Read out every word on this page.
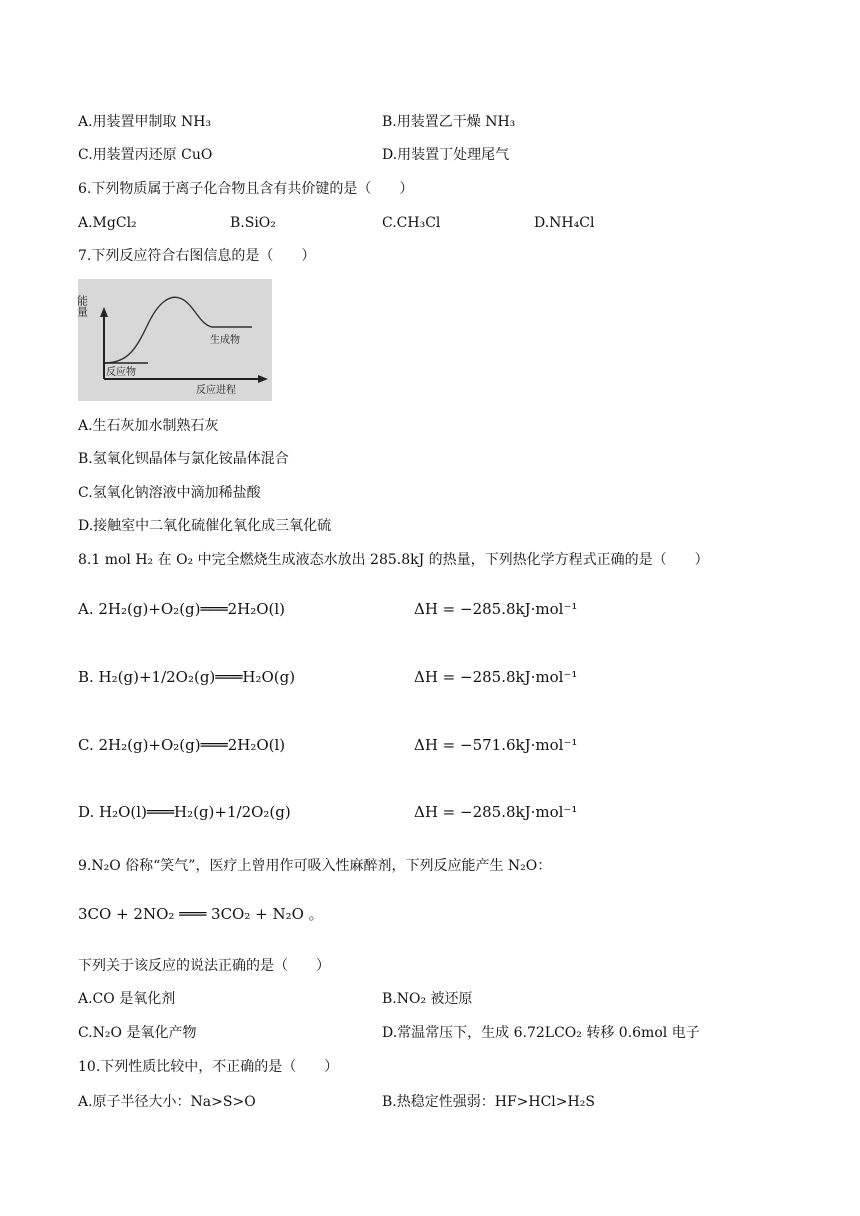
A.用装置甲制取 NH₃	B.用装置乙干燥 NH₃
C.用装置丙还原 CuO	D.用装置丁处理尾气
6.下列物质属于离子化合物且含有共价键的是（　　）
A.MgCl₂	B.SiO₂	C.CH₃Cl	D.NH₄Cl
7.下列反应符合右图信息的是（　　）
能量
生成物
反应物
反应进程
A.生石灰加水制熟石灰
B.氢氧化钡晶体与氯化铵晶体混合
C.氢氧化钠溶液中滴加稀盐酸
D.接触室中二氧化硫催化氧化成三氧化硫
8.1 mol H₂ 在 O₂ 中完全燃烧生成液态水放出 285.8kJ 的热量，下列热化学方程式正确的是（　　）
A. 2H₂(g)+O₂(g)═══2H₂O(l)	ΔH = −285.8kJ·mol⁻¹
B. H₂(g)+1/2O₂(g)═══H₂O(g)	ΔH = −285.8kJ·mol⁻¹
C. 2H₂(g)+O₂(g)═══2H₂O(l)	ΔH = −571.6kJ·mol⁻¹
D. H₂O(l)═══H₂(g)+1/2O₂(g)	ΔH = −285.8kJ·mol⁻¹
9.N₂O 俗称“笑气”，医疗上曾用作可吸入性麻醉剂，下列反应能产生 N₂O：
3CO + 2NO₂ ═══ 3CO₂ + N₂O 。
下列关于该反应的说法正确的是（　　）
A.CO 是氧化剂	B.NO₂ 被还原
C.N₂O 是氧化产物	D.常温常压下，生成 6.72LCO₂ 转移 0.6mol 电子
10.下列性质比较中，不正确的是（　　）
A.原子半径大小：Na>S>O	B.热稳定性强弱：HF>HCl>H₂S
